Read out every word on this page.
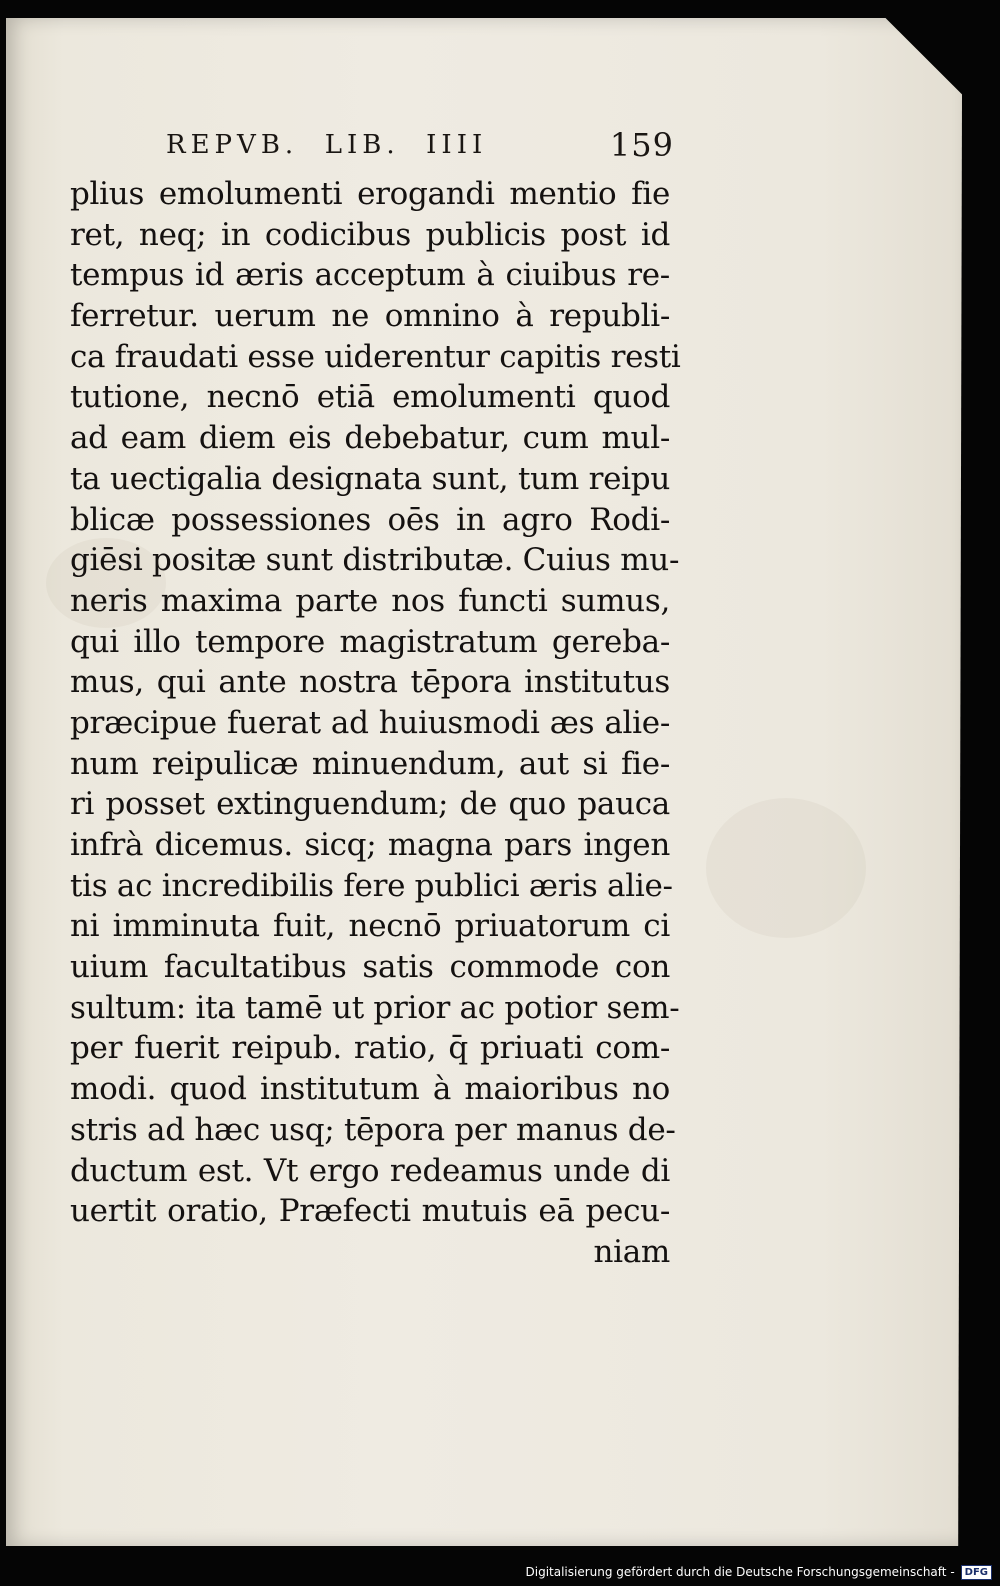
REPVB.  LIB.  IIII	159
plius emolumenti erogandi mentio fie
ret, neq; in codicibus publicis post id
tempus id æris acceptum à ciuibus re-
ferretur. uerum ne omnino à republi-
ca fraudati esse uiderentur capitis resti
tutione, necnō etiā emolumenti quod
ad eam diem eis debebatur, cum mul-
ta uectigalia designata sunt, tum reipu
blicæ possessiones oēs in agro Rodi-
giēsi positæ sunt distributæ. Cuius mu-
neris maxima parte nos functi sumus,
qui illo tempore magistratum gereba-
mus, qui ante nostra tēpora institutus
præcipue fuerat ad huiusmodi æs alie-
num reipulicæ minuendum, aut si fie-
ri posset extinguendum; de quo pauca
infrà dicemus. sicq; magna pars ingen
tis ac incredibilis fere publici æris alie-
ni imminuta fuit, necnō priuatorum ci
uium facultatibus satis commode con
sultum: ita tamē ut prior ac potior sem-
per fuerit reipub. ratio, q̄ priuati com-
modi. quod institutum à maioribus no
stris ad hæc usq; tēpora per manus de-
ductum est. Vt ergo redeamus unde di
uertit oratio, Præfecti mutuis eā pecu-
niam
Digitalisierung gefördert durch die Deutsche Forschungsgemeinschaft -	DFG
